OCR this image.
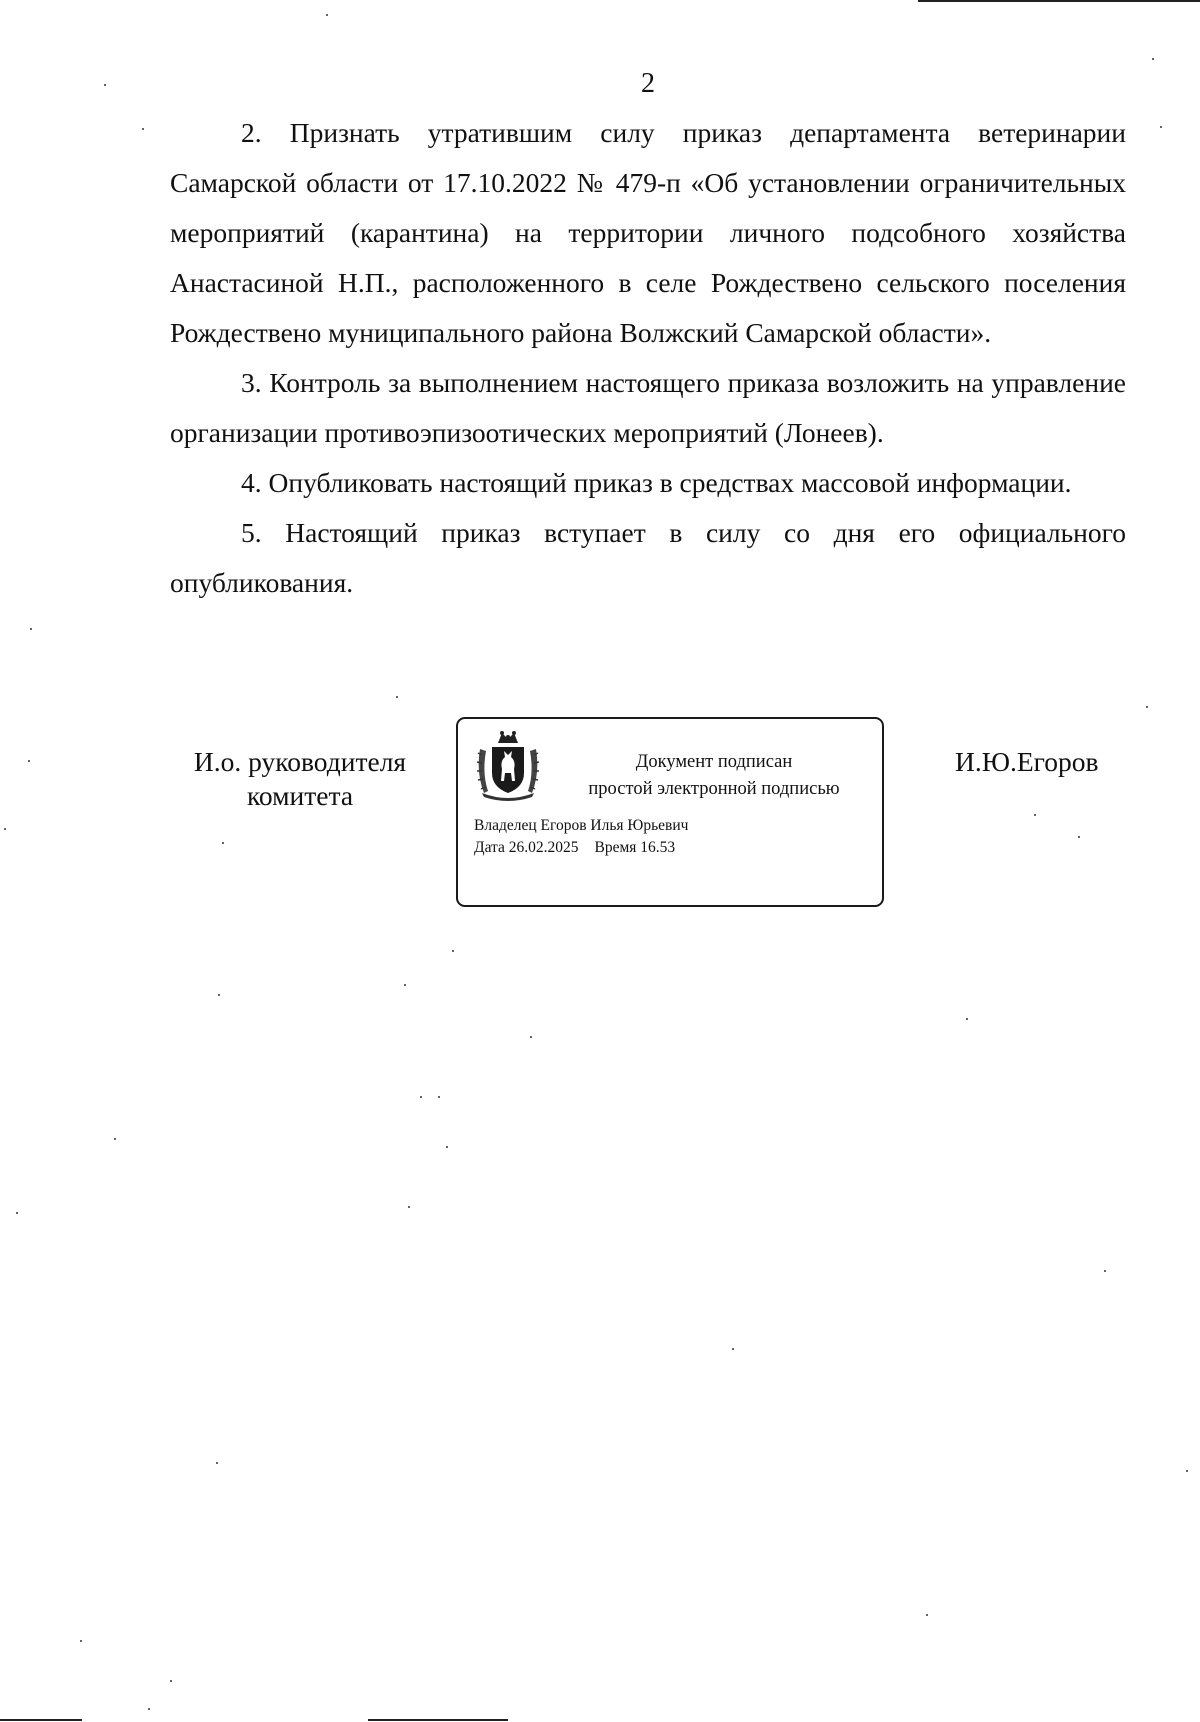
2

2. Признать утратившим силу приказ департамента ветеринарии Самарской области от 17.10.2022 № 479-п «Об установлении ограничительных мероприятий (карантина) на территории личного подсобного хозяйства Анастасиной Н.П., расположенного в селе Рождествено сельского поселения Рождествено муниципального района Волжский Самарской области».

3. Контроль за выполнением настоящего приказа возложить на управление организации противоэпизоотических мероприятий (Лонеев).

4. Опубликовать настоящий приказ в средствах массовой информации.

5. Настоящий приказ вступает в силу со дня его официального опубликования.

И.о. руководителя
комитета
Документ подписан
простой электронной подписью
Владелец Егоров Илья Юрьевич
Дата 26.02.2025 Время 16.53
И.Ю.Егоров
